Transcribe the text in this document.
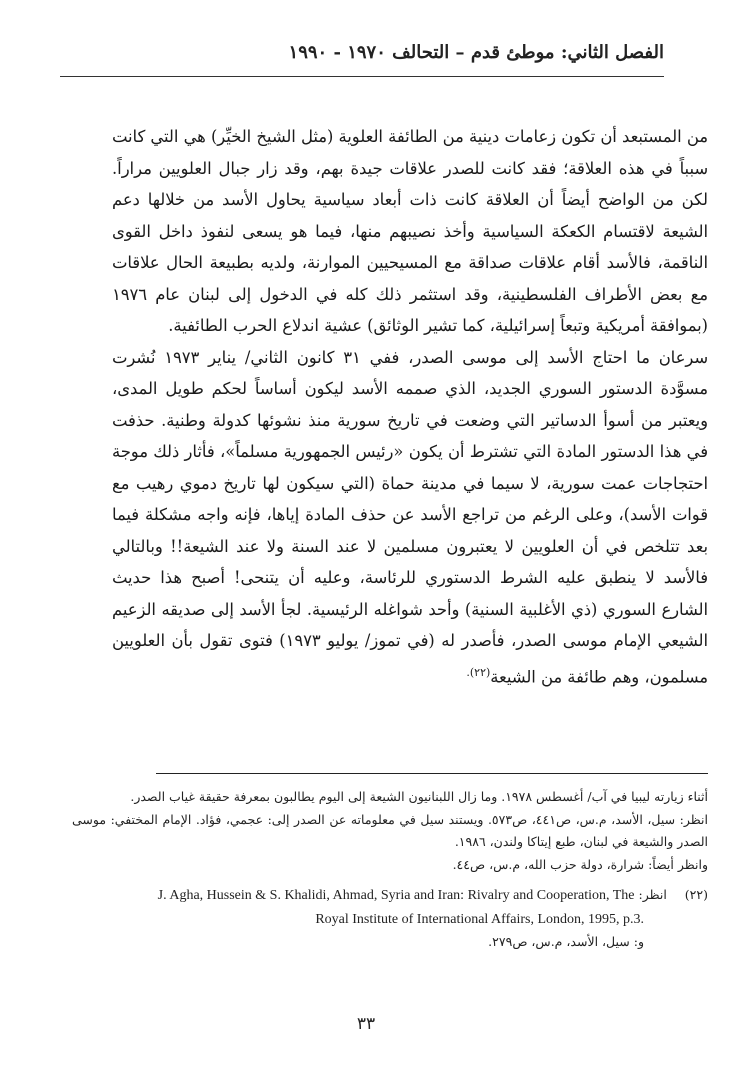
الفصل الثاني: موطئ قدم – التحالف ١٩٧٠ - ١٩٩٠

من المستبعد أن تكون زعامات دينية من الطائفة العلوية (مثل الشيخ الخيِّر) هي التي كانت سبباً في هذه العلاقة؛ فقد كانت للصدر علاقات جيدة بهم، وقد زار جبال العلويين مراراً. لكن من الواضح أيضاً أن العلاقة كانت ذات أبعاد سياسية يحاول الأسد من خلالها دعم الشيعة لاقتسام الكعكة السياسية وأخذ نصيبهم منها، فيما هو يسعى لنفوذ داخل القوى الناقمة، فالأسد أقام علاقات صداقة مع المسيحيين الموارنة، ولديه بطبيعة الحال علاقات مع بعض الأطراف الفلسطينية، وقد استثمر ذلك كله في الدخول إلى لبنان عام ١٩٧٦ (بموافقة أمريكية وتبعاً إسرائيلية، كما تشير الوثائق) عشية اندلاع الحرب الطائفية.

سرعان ما احتاج الأسد إلى موسى الصدر، ففي ٣١ كانون الثاني/ يناير ١٩٧٣ نُشرت مسوَّدة الدستور السوري الجديد، الذي صممه الأسد ليكون أساساً لحكم طويل المدى، ويعتبر من أسوأ الدساتير التي وضعت في تاريخ سورية منذ نشوئها كدولة وطنية. حذفت في هذا الدستور المادة التي تشترط أن يكون «رئيس الجمهورية مسلماً»، فأثار ذلك موجة احتجاجات عمت سورية، لا سيما في مدينة حماة (التي سيكون لها تاريخ دموي رهيب مع قوات الأسد)، وعلى الرغم من تراجع الأسد عن حذف المادة إياها، فإنه واجه مشكلة فيما بعد تتلخص في أن العلويين لا يعتبرون مسلمين لا عند السنة ولا عند الشيعة!! وبالتالي فالأسد لا ينطبق عليه الشرط الدستوري للرئاسة، وعليه أن يتنحى! أصبح هذا حديث الشارع السوري (ذي الأغلبية السنية) وأحد شواغله الرئيسية. لجأ الأسد إلى صديقه الزعيم الشيعي الإمام موسى الصدر، فأصدر له (في تموز/ يوليو ١٩٧٣) فتوى تقول بأن العلويين مسلمون، وهم طائفة من الشيعة$^{(٢٢).}$

أثناء زيارته ليبيا في آب/ أغسطس ١٩٧٨. وما زال اللبنانيون الشيعة إلى اليوم يطالبون بمعرفة حقيقة غياب الصدر.

انظر: سيل، الأسد، م.س، ص٤٤١، ص٥٧٣. ويستند سيل في معلوماته عن الصدر إلى: عجمي، فؤاد. الإمام المختفي: موسى الصدر والشيعة في لبنان، طبع إيتاكا ولندن، ١٩٨٦.

وانظر أيضاً: شرارة، دولة حزب الله، م.س، ص٤٤.

(٢٢)  انظر: J. Agha, Hussein & S. Khalidi, Ahmad, Syria and Iran: Rivalry and Cooperation, The

Royal Institute of International Affairs, London, 1995, p.3.

و: سيل، الأسد، م.س، ص٢٧٩.

٣٣
